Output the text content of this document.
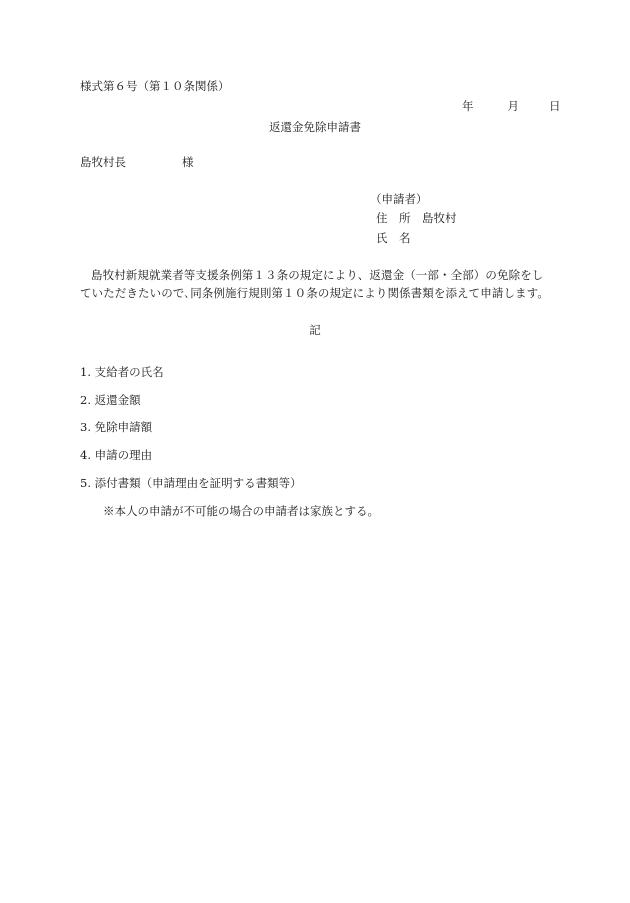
様式第６号（第１０条関係）
年	月	日
返還金免除申請書
島牧村長	様
（申請者）
住　所　 島牧村
氏　名
島牧村新規就業者等支援条例第１３条の規定により、返還金（一部・全部）の免除をしていただきたいので､同条例施行規則第１０条の規定により関係書類を添えて申請します。
記
1. 支給者の氏名
2. 返還金額
3. 免除申請額
4. 申請の理由
5. 添付書類（申請理由を証明する書類等）
※本人の申請が不可能の場合の申請者は家族とする。
